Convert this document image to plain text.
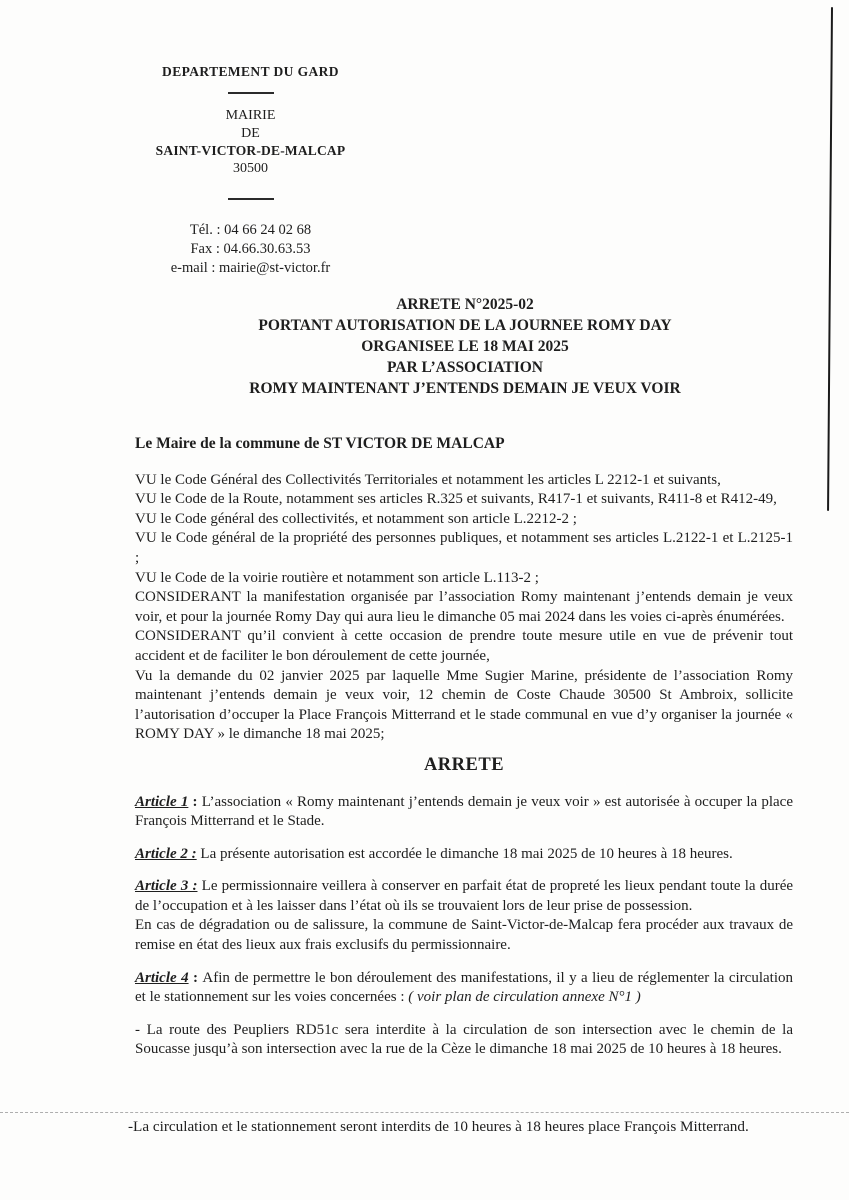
DEPARTEMENT DU GARD
MAIRIE
DE
SAINT-VICTOR-DE-MALCAP
30500
Tél. : 04 66 24 02 68
Fax : 04.66.30.63.53
e-mail : mairie@st-victor.fr
ARRETE N°2025-02
PORTANT AUTORISATION DE LA JOURNEE ROMY DAY
ORGANISEE LE 18 MAI 2025
PAR L’ASSOCIATION
ROMY MAINTENANT J’ENTENDS DEMAIN JE VEUX VOIR

Le Maire de la commune de ST VICTOR DE MALCAP

VU le Code Général des Collectivités Territoriales et notamment les articles L 2212-1 et suivants,

VU le Code de la Route, notamment ses articles R.325 et suivants, R417-1 et suivants, R411-8 et R412-49,

VU le Code général des collectivités, et notamment son article L.2212-2 ;

VU le Code général de la propriété des personnes publiques, et notamment ses articles L.2122-1 et L.2125-1 ;

VU le Code de la voirie routière et notamment son article L.113-2 ;

CONSIDERANT la manifestation organisée par l’association Romy maintenant j’entends demain je veux voir, et pour la journée Romy Day qui aura lieu le dimanche 05 mai 2024 dans les voies ci-après énumérées.

CONSIDERANT qu’il convient à cette occasion de prendre toute mesure utile en vue de prévenir tout accident et de faciliter le bon déroulement de cette journée,

Vu la demande du 02 janvier 2025 par laquelle Mme Sugier Marine, présidente de l’association Romy maintenant j’entends demain je veux voir, 12 chemin de Coste Chaude 30500 St Ambroix, sollicite l’autorisation d’occuper la Place François Mitterrand et le stade communal en vue d’y organiser la journée « ROMY DAY » le dimanche 18 mai 2025;

ARRETE

Article 1 : L’association « Romy maintenant j’entends demain je veux voir » est autorisée à occuper la place François Mitterrand et le Stade.

Article 2 : La présente autorisation est accordée le dimanche 18 mai 2025 de 10 heures à 18 heures.

Article 3 : Le permissionnaire veillera à conserver en parfait état de propreté les lieux pendant toute la durée de l’occupation et à les laisser dans l’état où ils se trouvaient lors de leur prise de possession.
En cas de dégradation ou de salissure, la commune de Saint-Victor-de-Malcap fera procéder aux travaux de remise en état des lieux aux frais exclusifs du permissionnaire.

Article 4 : Afin de permettre le bon déroulement des manifestations, il y a lieu de réglementer la circulation et le stationnement sur les voies concernées : ( voir plan de circulation annexe N°1 )

- La route des Peupliers RD51c sera interdite à la circulation de son intersection avec le chemin de la Soucasse jusqu’à son intersection avec la rue de la Cèze le dimanche 18 mai 2025 de 10 heures à 18 heures.

-La circulation et le stationnement seront interdits de 10 heures à 18 heures place François Mitterrand.
